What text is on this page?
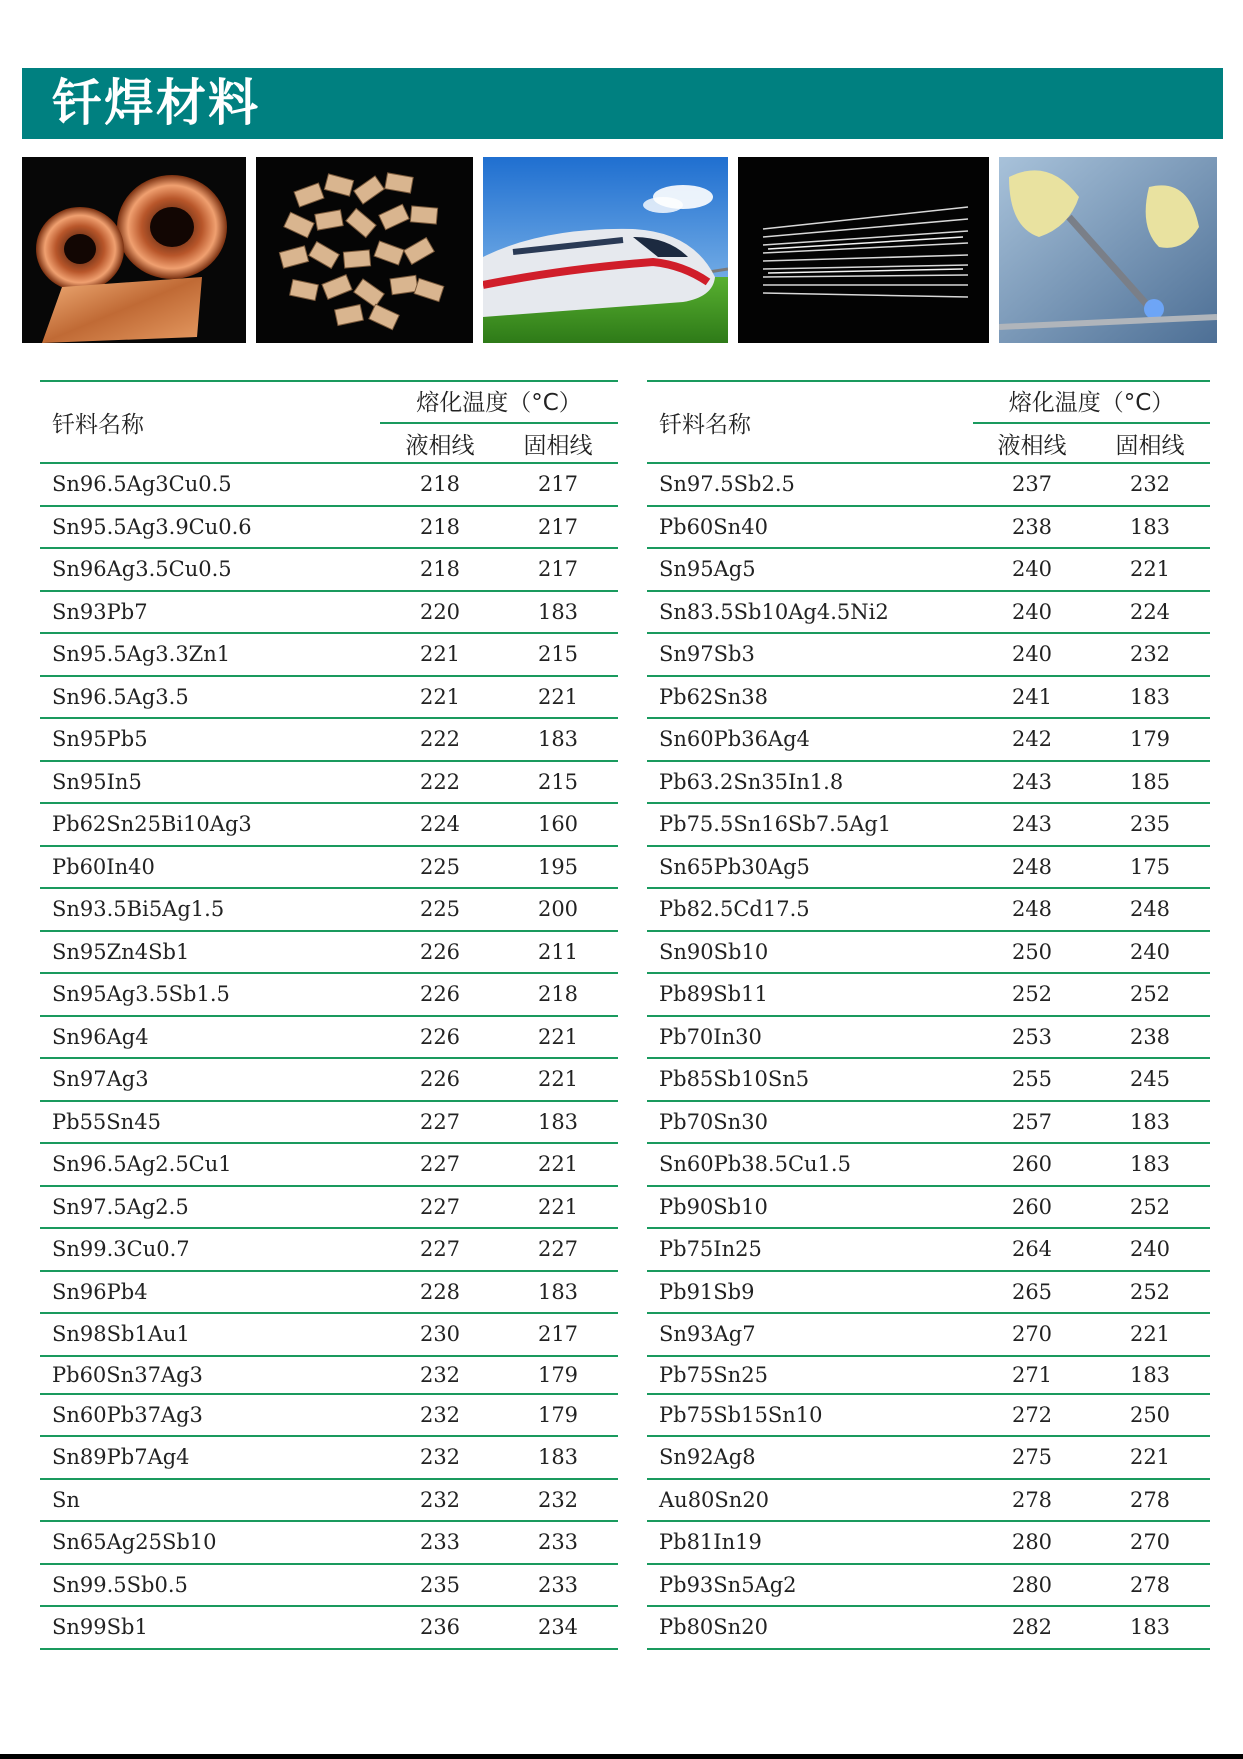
钎焊材料
钎料名称
熔化温度（°C）
液相线	固相线
Sn96.5Ag3Cu0.5	218	217
Sn95.5Ag3.9Cu0.6	218	217
Sn96Ag3.5Cu0.5	218	217
Sn93Pb7	220	183
Sn95.5Ag3.3Zn1	221	215
Sn96.5Ag3.5	221	221
Sn95Pb5	222	183
Sn95In5	222	215
Pb62Sn25Bi10Ag3	224	160
Pb60In40	225	195
Sn93.5Bi5Ag1.5	225	200
Sn95Zn4Sb1	226	211
Sn95Ag3.5Sb1.5	226	218
Sn96Ag4	226	221
Sn97Ag3	226	221
Pb55Sn45	227	183
Sn96.5Ag2.5Cu1	227	221
Sn97.5Ag2.5	227	221
Sn99.3Cu0.7	227	227
Sn96Pb4	228	183
Sn98Sb1Au1	230	217
Pb60Sn37Ag3	232	179
Sn60Pb37Ag3	232	179
Sn89Pb7Ag4	232	183
Sn	232	232
Sn65Ag25Sb10	233	233
Sn99.5Sb0.5	235	233
Sn99Sb1	236	234
钎料名称
熔化温度（°C）
液相线	固相线
Sn97.5Sb2.5	237	232
Pb60Sn40	238	183
Sn95Ag5	240	221
Sn83.5Sb10Ag4.5Ni2	240	224
Sn97Sb3	240	232
Pb62Sn38	241	183
Sn60Pb36Ag4	242	179
Pb63.2Sn35In1.8	243	185
Pb75.5Sn16Sb7.5Ag1	243	235
Sn65Pb30Ag5	248	175
Pb82.5Cd17.5	248	248
Sn90Sb10	250	240
Pb89Sb11	252	252
Pb70In30	253	238
Pb85Sb10Sn5	255	245
Pb70Sn30	257	183
Sn60Pb38.5Cu1.5	260	183
Pb90Sb10	260	252
Pb75In25	264	240
Pb91Sb9	265	252
Sn93Ag7	270	221
Pb75Sn25	271	183
Pb75Sb15Sn10	272	250
Sn92Ag8	275	221
Au80Sn20	278	278
Pb81In19	280	270
Pb93Sn5Ag2	280	278
Pb80Sn20	282	183
